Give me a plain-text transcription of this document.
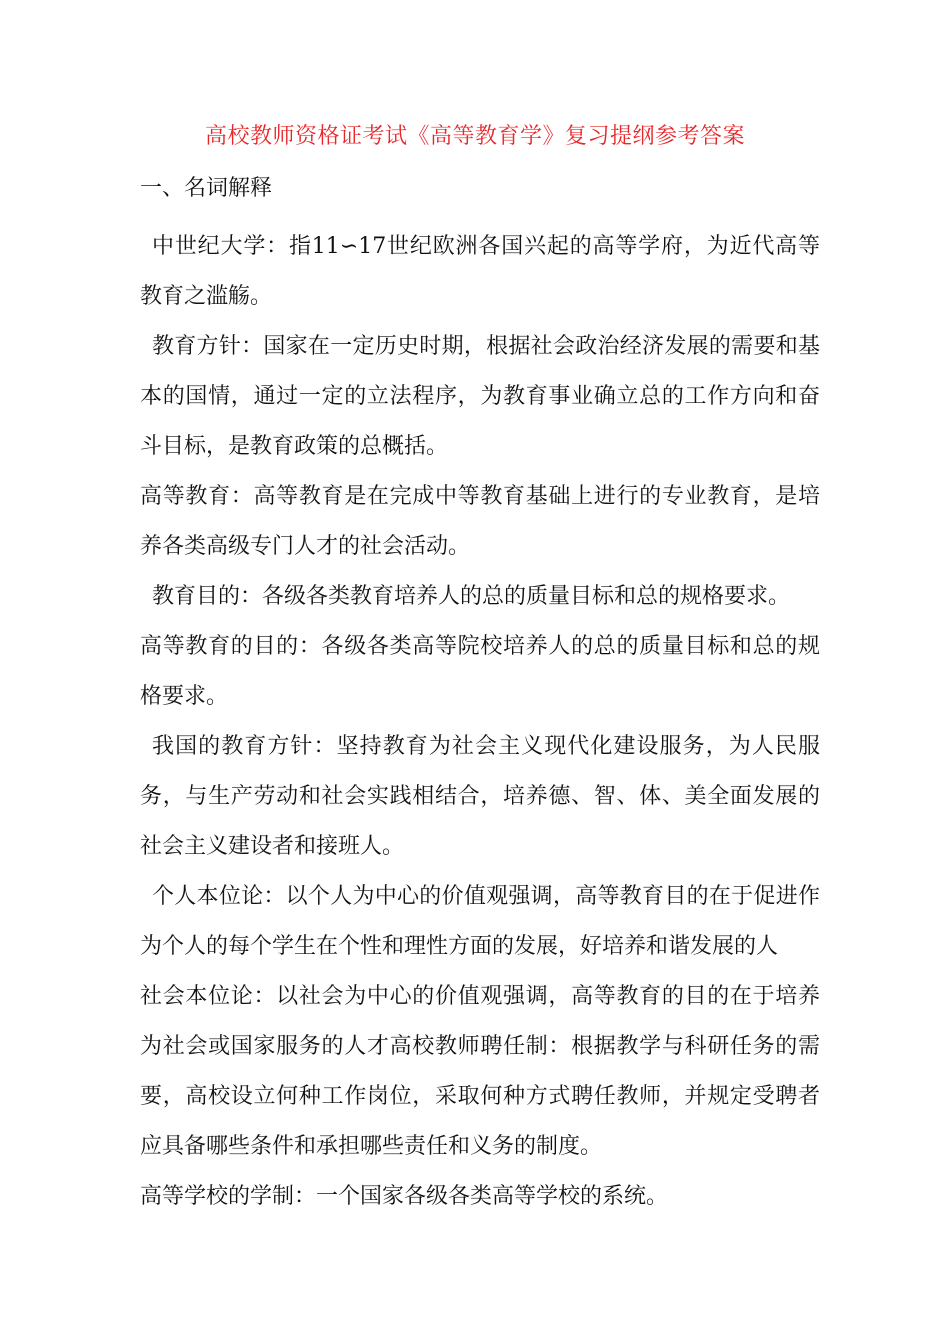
高校教师资格证考试《高等教育学》复习提纲参考答案
一、名词解释

中世纪大学：指11∽17世纪欧洲各国兴起的高等学府，为近代高等教育之滥觞。

教育方针：国家在一定历史时期，根据社会政治经济发展的需要和基本的国情，通过一定的立法程序，为教育事业确立总的工作方向和奋斗目标，是教育政策的总概括。

高等教育：高等教育是在完成中等教育基础上进行的专业教育，是培养各类高级专门人才的社会活动。

教育目的：各级各类教育培养人的总的质量目标和总的规格要求。

高等教育的目的：各级各类高等院校培养人的总的质量目标和总的规格要求。

我国的教育方针：坚持教育为社会主义现代化建设服务，为人民服务，与生产劳动和社会实践相结合，培养德、智、体、美全面发展的社会主义建设者和接班人。

个人本位论：以个人为中心的价值观强调，高等教育目的在于促进作为个人的每个学生在个性和理性方面的发展，好培养和谐发展的人

社会本位论：以社会为中心的价值观强调，高等教育的目的在于培养为社会或国家服务的人才高校教师聘任制：根据教学与科研任务的需要，高校设立何种工作岗位，采取何种方式聘任教师，并规定受聘者应具备哪些条件和承担哪些责任和义务的制度。

高等学校的学制：一个国家各级各类高等学校的系统。
